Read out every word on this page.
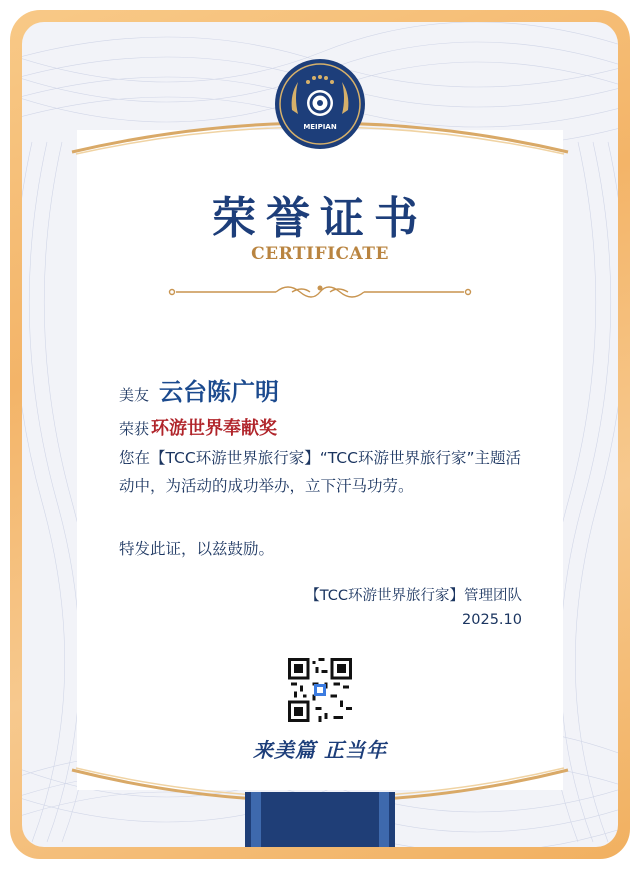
MEIPIAN
荣誉证书
CERTIFICATE
美友 云台陈广明
荣获 环游世界奉献奖
您在【TCC环游世界旅行家】“TCC环游世界旅行家”主题活动中，为活动的成功举办，立下汗马功劳。
特发此证，以兹鼓励。
【TCC环游世界旅行家】管理团队
2025.10
来美篇 正当年
